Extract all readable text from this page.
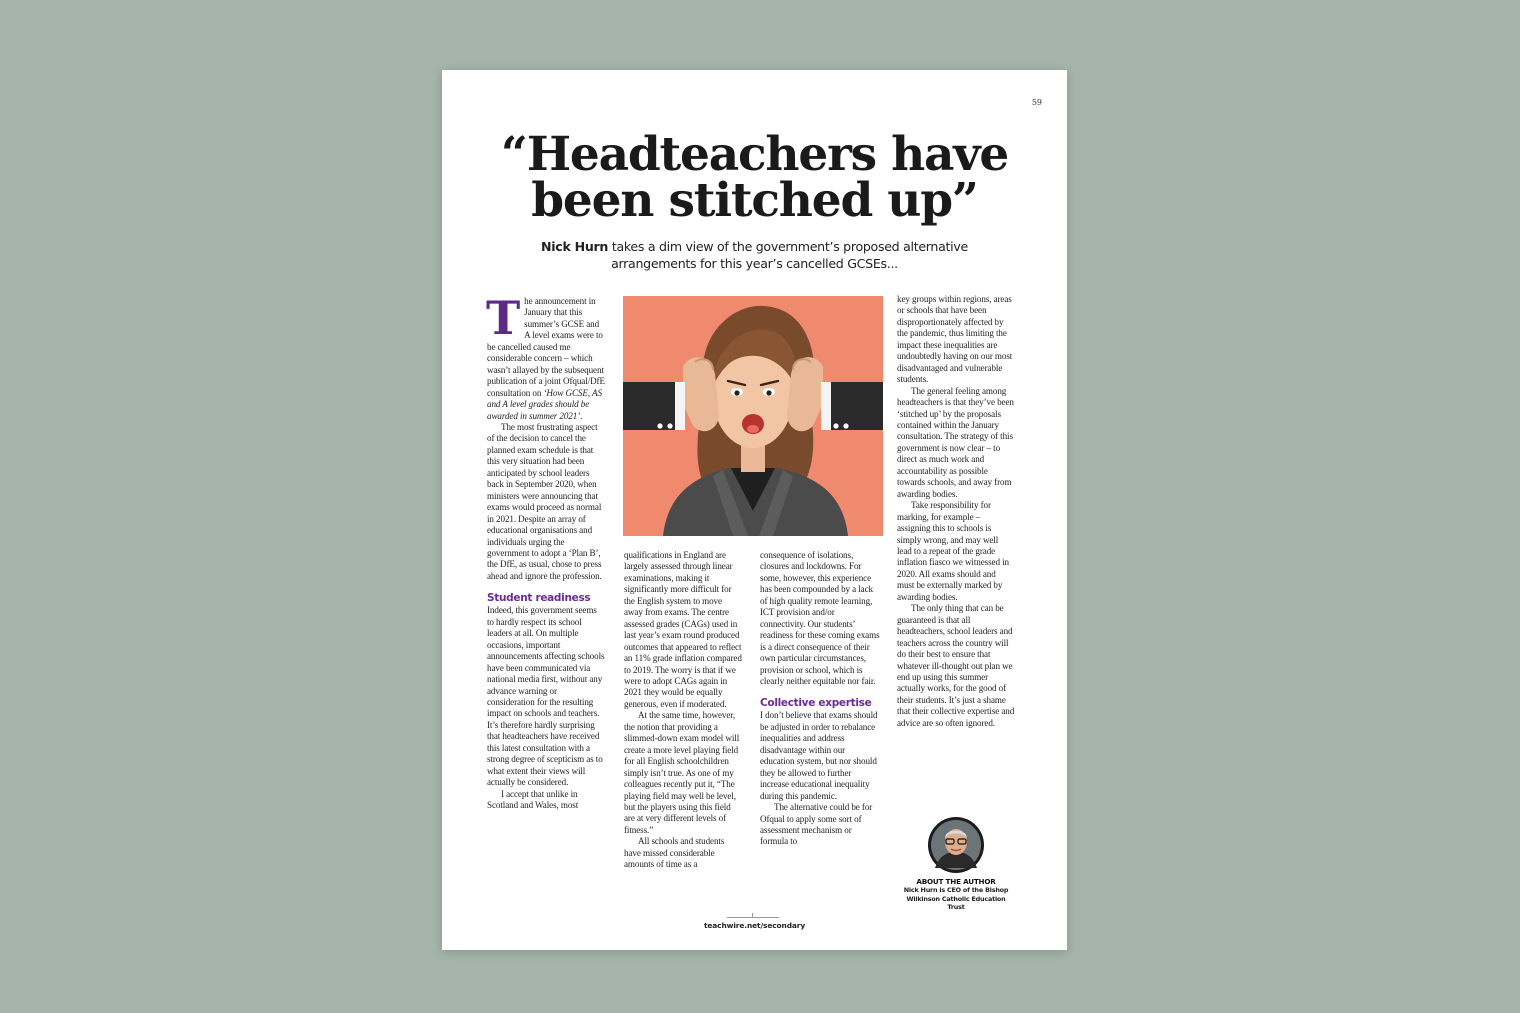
59
“Headteachers have
been stitched up”
Nick Hurn takes a dim view of the government’s proposed alternative
arrangements for this year’s cancelled GCSEs...

The announcement in January that this summer’s GCSE and A level exams were to be cancelled caused me considerable concern – which wasn’t allayed by the subsequent publication of a joint Ofqual/DfE consultation on ‘How GCSE, AS and A level grades should be awarded in summer 2021’.

The most frustrating aspect of the decision to cancel the planned exam schedule is that this very situation had been anticipated by school leaders back in September 2020, when ministers were announcing that exams would proceed as normal in 2021. Despite an array of educational organisations and individuals urging the government to adopt a ‘Plan B’, the DfE, as usual, chose to press ahead and ignore the profession.

Student readiness

Indeed, this government seems to hardly respect its school leaders at all. On multiple occasions, important announcements affecting schools have been communicated via national media first, without any advance warning or consideration for the resulting impact on schools and teachers. It’s therefore hardly surprising that headteachers have received this latest consultation with a strong degree of scepticism as to what extent their views will actually be considered.

I accept that unlike in Scotland and Wales, most

qualifications in England are largely assessed through linear examinations, making it significantly more difficult for the English system to move away from exams. The centre assessed grades (CAGs) used in last year’s exam round produced outcomes that appeared to reflect an 11% grade inflation compared to 2019. The worry is that if we were to adopt CAGs again in 2021 they would be equally generous, even if moderated.

At the same time, however, the notion that providing a slimmed-down exam model will create a more level playing field for all English schoolchildren simply isn’t true. As one of my colleagues recently put it, “The playing field may well be level, but the players using this field are at very different levels of fitness.”

All schools and students have missed considerable amounts of time as a

consequence of isolations, closures and lockdowns. For some, however, this experience has been compounded by a lack of high quality remote learning, ICT provision and/or connectivity. Our students’ readiness for these coming exams is a direct consequence of their own particular circumstances, provision or school, which is clearly neither equitable nor fair.

Collective expertise

I don’t believe that exams should be adjusted in order to rebalance inequalities and address disadvantage within our education system, but nor should they be allowed to further increase educational inequality during this pandemic.

The alternative could be for Ofqual to apply some sort of assessment mechanism or formula to

key groups within regions, areas or schools that have been disproportionately affected by the pandemic, thus limiting the impact these inequalities are undoubtedly having on our most disadvantaged and vulnerable students.

The general feeling among headteachers is that they’ve been ‘stitched up’ by the proposals contained within the January consultation. The strategy of this government is now clear – to direct as much work and accountability as possible towards schools, and away from awarding bodies.

Take responsibility for marking, for example – assigning this to schools is simply wrong, and may well lead to a repeat of the grade inflation fiasco we witnessed in 2020. All exams should and must be externally marked by awarding bodies.

The only thing that can be guaranteed is that all headteachers, school leaders and teachers across the country will do their best to ensure that whatever ill-thought out plan we end up using this summer actually works, for the good of their students. It’s just a shame that their collective expertise and advice are so often ignored.

ABOUT THE AUTHOR
Nick Hurn is CEO of the Bishop
Wilkinson Catholic Education Trust
teachwire.net/secondary
